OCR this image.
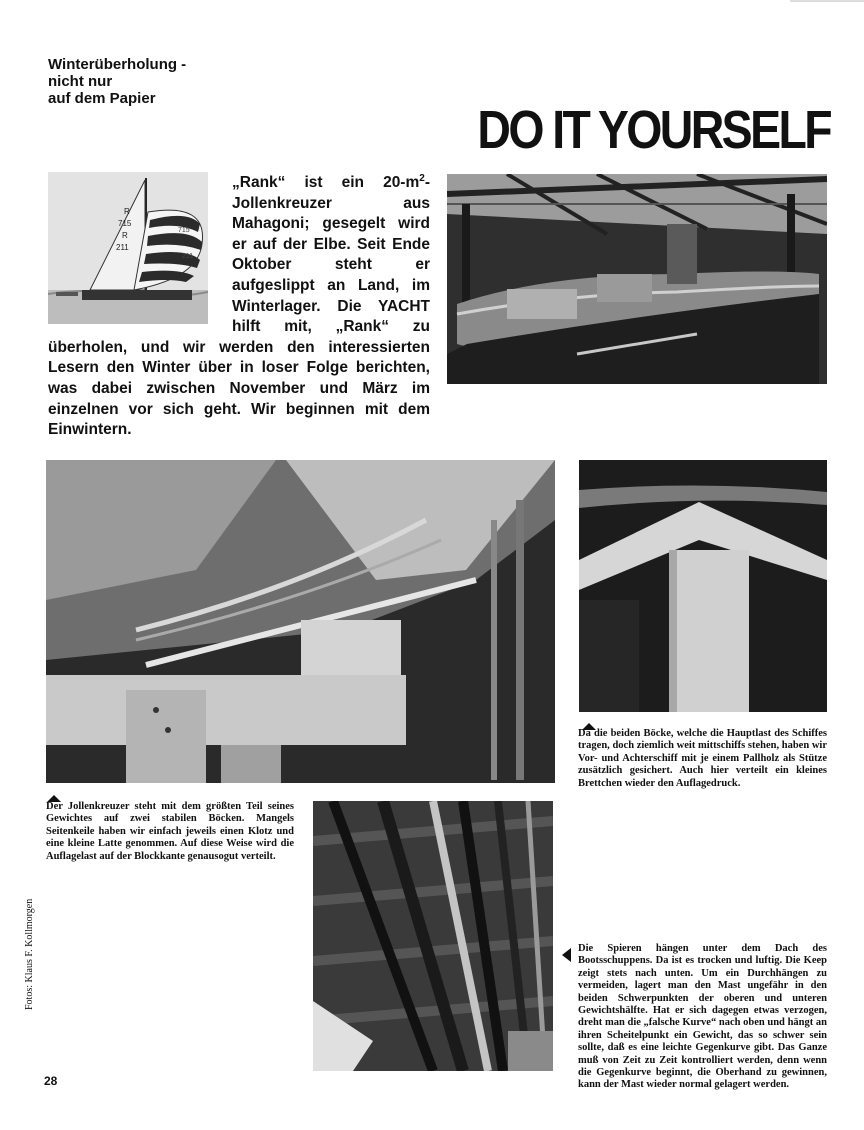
Winterüberholung -
nicht nur
auf dem Papier
DO IT YOURSELF
R
715
R
211
715
211
„Rank“ ist ein $20-m^2$-Jollenkreuzer aus Mahagoni; gesegelt wird er auf der Elbe. Seit Ende Oktober steht er aufgeslippt an Land, im Winterlager. Die YACHT hilft mit, „Rank“ zu überholen, und wir werden den interessierten Lesern den Winter über in loser Folge berichten, was dabei zwischen November und März im einzelnen vor sich geht. Wir beginnen mit dem Einwintern.
Da die beiden Böcke, welche die Hauptlast des Schiffes tragen, doch ziemlich weit mittschiffs stehen, haben wir Vor- und Achterschiff mit je einem Pallholz als Stütze zusätzlich gesichert. Auch hier verteilt ein kleines Brettchen wieder den Auflagedruck.
Der Jollenkreuzer steht mit dem größten Teil seines Gewichtes auf zwei stabilen Böcken. Mangels Seitenkeile haben wir einfach jeweils einen Klotz und eine kleine Latte genommen. Auf diese Weise wird die Auflagelast auf der Blockkante genausogut verteilt.
Die Spieren hängen unter dem Dach des Bootsschuppens. Da ist es trocken und luftig. Die Keep zeigt stets nach unten. Um ein Durchhängen zu vermeiden, lagert man den Mast ungefähr in den beiden Schwerpunkten der oberen und unteren Gewichtshälfte. Hat er sich dagegen etwas verzogen, dreht man die „falsche Kurve“ nach oben und hängt an ihren Scheitelpunkt ein Gewicht, das so schwer sein sollte, daß es eine leichte Gegenkurve gibt. Das Ganze muß von Zeit zu Zeit kontrolliert werden, denn wenn die Gegenkurve beginnt, die Oberhand zu gewinnen, kann der Mast wieder normal gelagert werden.
Fotos: Klaus F. Kollmorgen
28
